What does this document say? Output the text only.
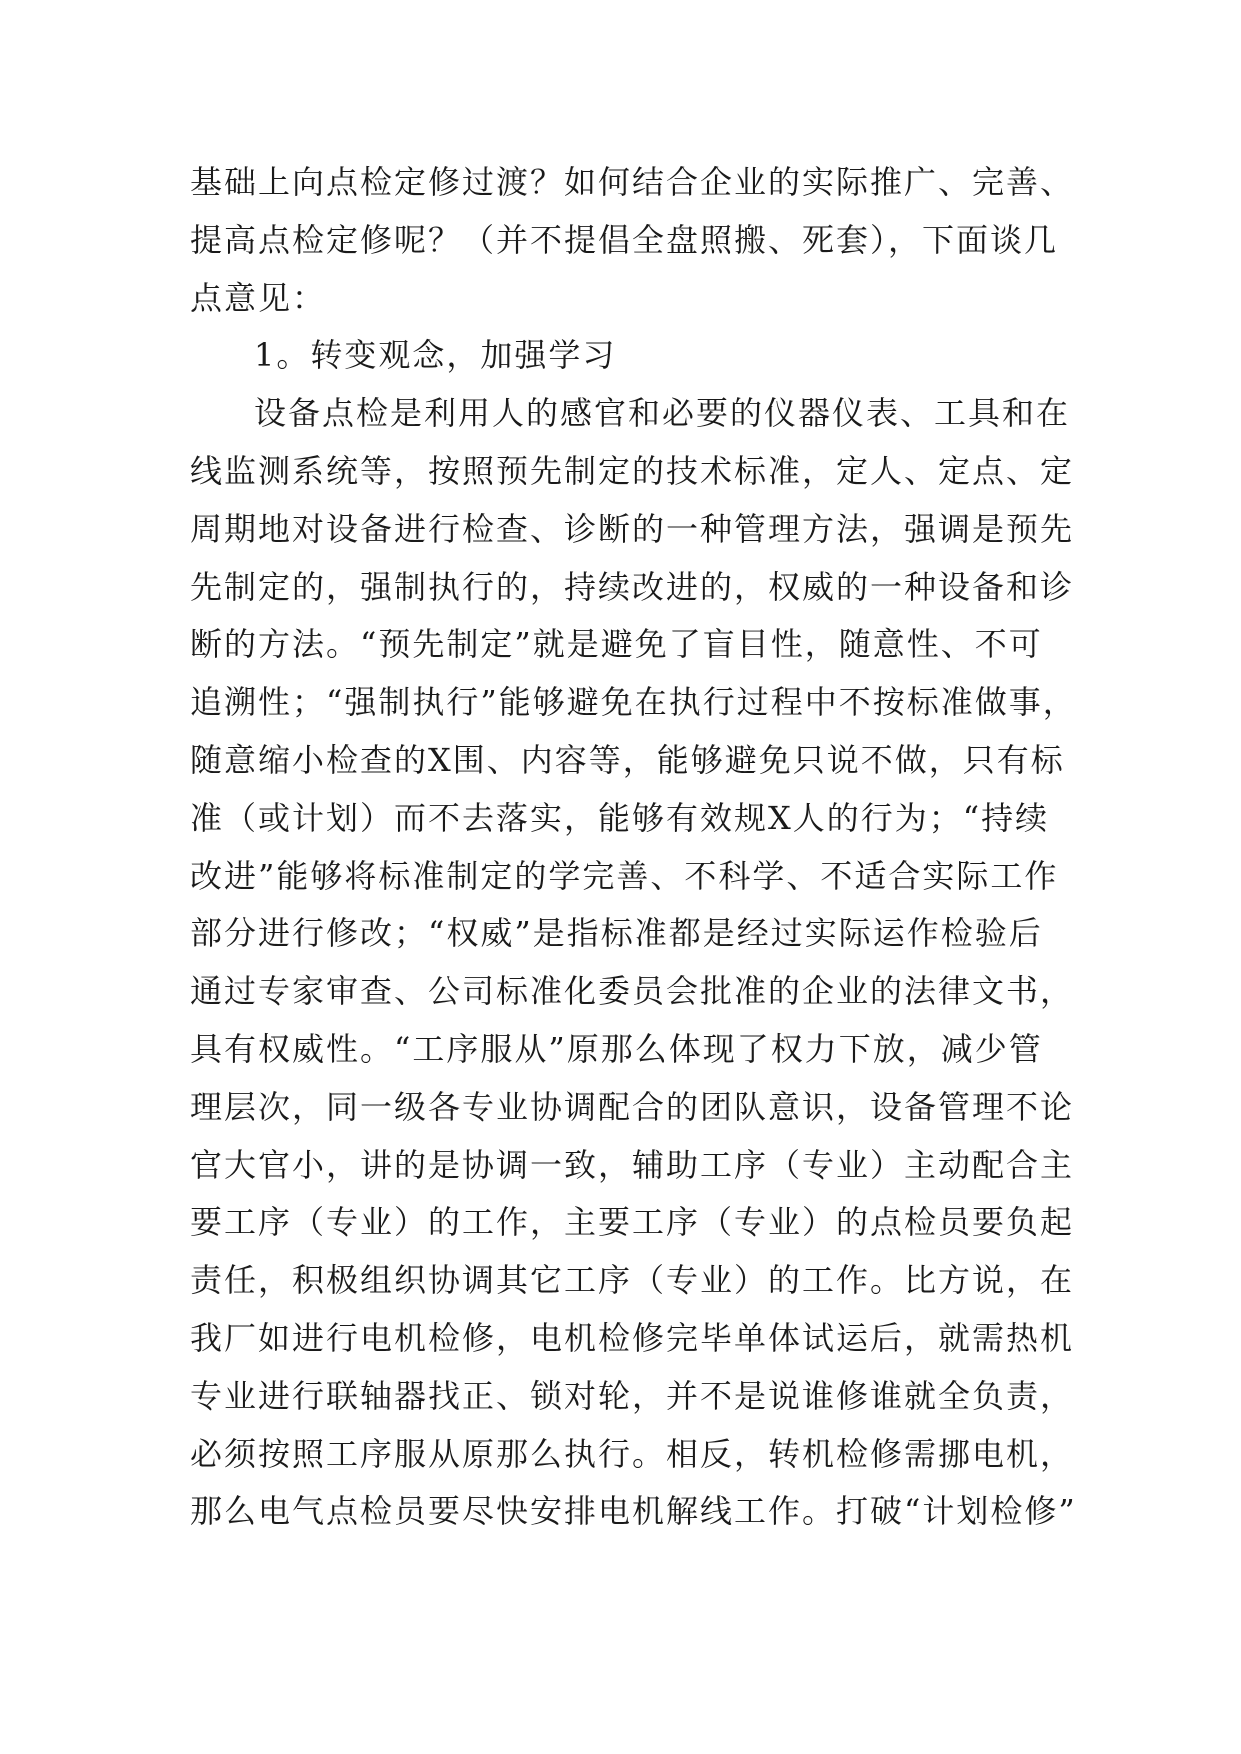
基础上向点检定修过渡？如何结合企业的实际推广、完善、
提高点检定修呢？（并不提倡全盘照搬、死套），下面谈几
点意见：
1。转变观念，加强学习
设备点检是利用人的感官和必要的仪器仪表、工具和在
线监测系统等，按照预先制定的技术标准，定人、定点、定
周期地对设备进行检查、诊断的一种管理方法，强调是预先
先制定的，强制执行的，持续改进的，权威的一种设备和诊
断的方法。“预先制定”就是避免了盲目性，随意性、不可
追溯性；“强制执行”能够避免在执行过程中不按标准做事，
随意缩小检查的X围、内容等，能够避免只说不做，只有标
准（或计划）而不去落实，能够有效规X人的行为；“持续
改进”能够将标准制定的学完善、不科学、不适合实际工作
部分进行修改；“权威”是指标准都是经过实际运作检验后
通过专家审查、公司标准化委员会批准的企业的法律文书，
具有权威性。“工序服从”原那么体现了权力下放，减少管
理层次，同一级各专业协调配合的团队意识，设备管理不论
官大官小，讲的是协调一致，辅助工序（专业）主动配合主
要工序（专业）的工作，主要工序（专业）的点检员要负起
责任，积极组织协调其它工序（专业）的工作。比方说，在
我厂如进行电机检修，电机检修完毕单体试运后，就需热机
专业进行联轴器找正、锁对轮，并不是说谁修谁就全负责，
必须按照工序服从原那么执行。相反，转机检修需挪电机，
那么电气点检员要尽快安排电机解线工作。打破“计划检修”
